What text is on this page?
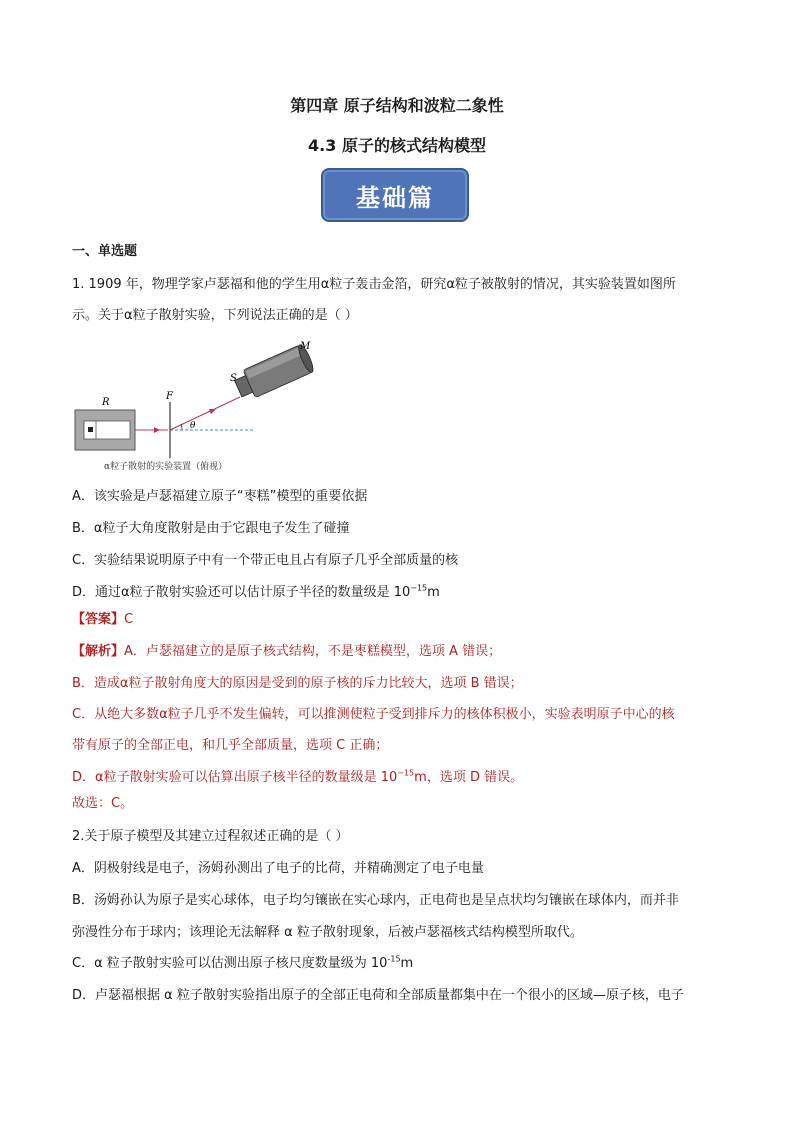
第四章 原子结构和波粒二象性
4.3 原子的核式结构模型
基础篇
一、单选题
1. 1909 年，物理学家卢瑟福和他的学生用α粒子轰击金箔，研究α粒子被散射的情况，其实验装置如图所
示。关于α粒子散射实验，下列说法正确的是（ ）
R
F
θ
S
M
α粒子散射的实验装置（俯视）
A．该实验是卢瑟福建立原子“枣糕”模型的重要依据
B．α粒子大角度散射是由于它跟电子发生了碰撞
C．实验结果说明原子中有一个带正电且占有原子几乎全部质量的核
D．通过α粒子散射实验还可以估计原子半径的数量级是 $10^{-15}m$
【答案】C
【解析】A．卢瑟福建立的是原子核式结构，不是枣糕模型，选项 A 错误；
B．造成α粒子散射角度大的原因是受到的原子核的斥力比较大，选项 B 错误；
C．从绝大多数α粒子几乎不发生偏转，可以推测使粒子受到排斥力的核体积极小，实验表明原子中心的核
带有原子的全部正电，和几乎全部质量，选项 C 正确；
D．α粒子散射实验可以估算出原子核半径的数量级是 $10^{-15}m$，选项 D 错误。
故选：C。
2.关于原子模型及其建立过程叙述正确的是（ ）
A．阴极射线是电子，汤姆孙测出了电子的比荷，并精确测定了电子电量
B．汤姆孙认为原子是实心球体，电子均匀镶嵌在实心球内，正电荷也是呈点状均匀镶嵌在球体内，而并非
弥漫性分布于球内；该理论无法解释 α 粒子散射现象，后被卢瑟福核式结构模型所取代。
C．α 粒子散射实验可以估测出原子核尺度数量级为 $10^{-15}m$
D．卢瑟福根据 α 粒子散射实验指出原子的全部正电荷和全部质量都集中在一个很小的区域—原子核，电子
